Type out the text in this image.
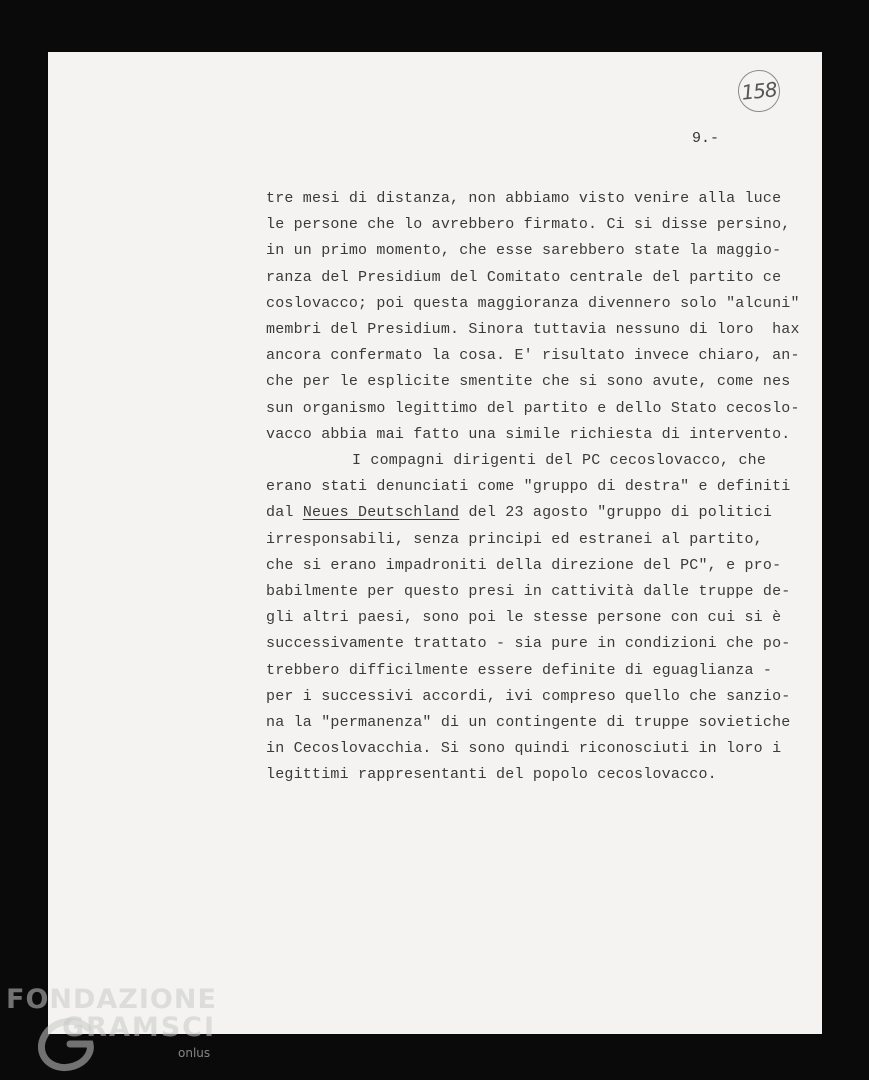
158
9.-
tre mesi di distanza, non abbiamo visto venire alla luce
le persone che lo avrebbero firmato. Ci si disse persino,
in un primo momento, che esse sarebbero state la maggio-
ranza del Presidium del Comitato centrale del partito ce
coslovacco; poi questa maggioranza divennero solo "alcuni"
membri del Presidium. Sinora tuttavia nessuno di loro  hax
ancora confermato la cosa. E' risultato invece chiaro, an-
che per le esplicite smentite che si sono avute, come nes
sun organismo legittimo del partito e dello Stato cecoslo-
vacco abbia mai fatto una simile richiesta di intervento.
I compagni dirigenti del PC cecoslovacco, che
erano stati denunciati come "gruppo di destra" e definiti
dal Neues Deutschland del 23 agosto "gruppo di politici
irresponsabili, senza principi ed estranei al partito,
che si erano impadroniti della direzione del PC", e pro-
babilmente per questo presi in cattività dalle truppe de-
gli altri paesi, sono poi le stesse persone con cui si è
successivamente trattato - sia pure in condizioni che po-
trebbero difficilmente essere definite di eguaglianza -
per i successivi accordi, ivi compreso quello che sanzio-
na la "permanenza" di un contingente di truppe sovietiche
in Cecoslovacchia. Si sono quindi riconosciuti in loro i
legittimi rappresentanti del popolo cecoslovacco.
FONDAZIONE
GRAMSCI
onlus
